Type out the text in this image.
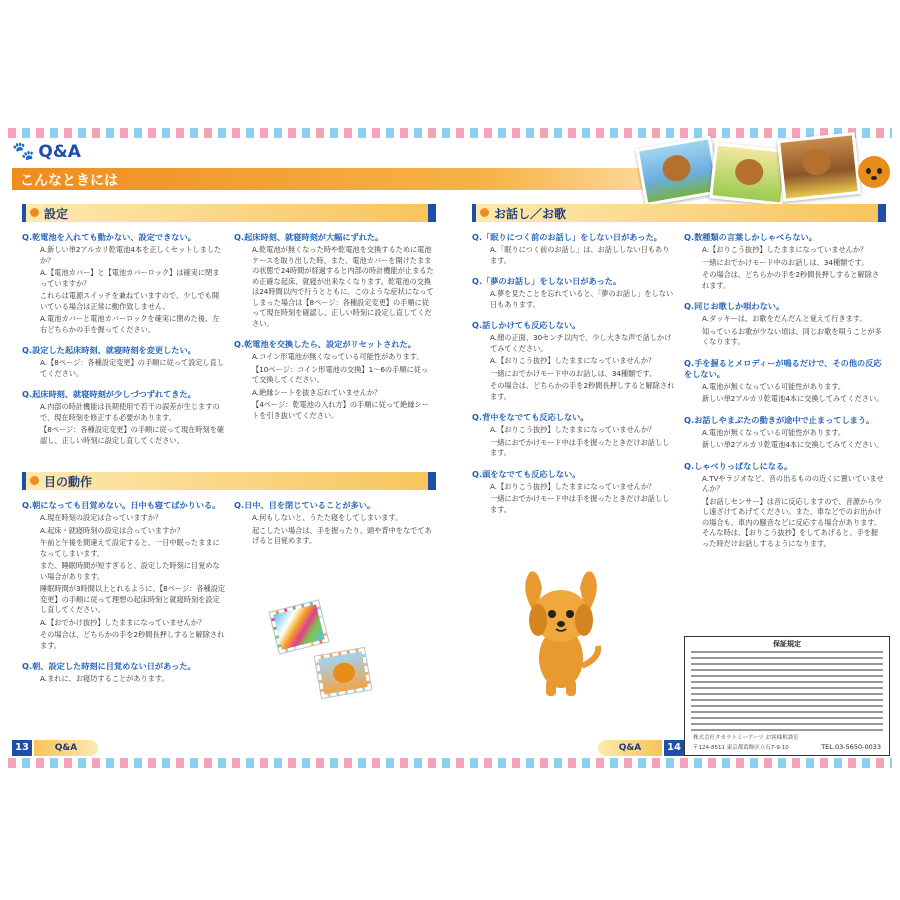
🐾 Q&A
こんなときには
設定
Q.乾電池を入れても動かない、設定できない。
A.新しい単2アルカリ乾電池4本を正しくセットしましたか？
A.【電池カバー】と【電池カバーロック】は確実に閉まっていますか？
これらは電源スイッチを兼ねていますので、少しでも開いている場合は正常に動作致しません。
A.電池カバーと電池カバーロックを確実に閉めた後、左右どちらかの手を握ってください。
Q.設定した起床時刻、就寝時刻を変更したい。
A.【8ページ：各種設定変更】の手順に従って設定し直してください。
Q.起床時刻、就寝時刻が少しづつずれてきた。
A.内部の時計機能は長期使用で若干の誤差が生じますので、現在時刻を修正する必要があります。
【8ページ：各種設定変更】の手順に従って現在時刻を確認し、正しい時刻に設定し直してください。
Q.起床時刻、就寝時刻が大幅にずれた。
A.乾電池が無くなった時や乾電池を交換するために電池ケースを取り出した時、また、電池カバーを開けたままの状態で24時間が経過すると内部の時計機能が止まるため正確な起床、就寝が出来なくなります。乾電池の交換は24時間以内で行うとともに、このような症状になってしまった場合は【8ページ：各種設定変更】の手順に従って現在時刻を確認し、正しい時刻に設定し直してください。
Q.乾電池を交換したら、設定がリセットされた。
A.コイン形電池が無くなっている可能性があります。
【10ページ：コイン形電池の交換】1〜6の手順に従って交換してください。
A.絶縁シートを抜き忘れていませんか？
【4ページ：乾電池の入れ方】の手順に従って絶縁シートを引き抜いてください。
目の動作
Q.朝になっても目覚めない。日中も寝てばかりいる。
A.現在時刻の設定は合っていますか？
A.起床・就寝時刻の設定は合っていますか？
午前と午後を間違えて設定すると、一日中眠ったままになってしまいます。
また、睡眠時間が短すぎると、設定した時刻に目覚めない場合があります。
睡眠時間が3時間以上とれるように、【8ページ：各種設定変更】の手順に従って理想の起床時刻と就寝時刻を設定し直してください。
A.【おでかけ抜抄】したままになっていませんか？
その場合は、どちらかの手を2秒間長押しすると解除されます。
Q.朝、設定した時刻に目覚めない日があった。
A.まれに、お寝坊することがあります。
Q.日中、目を閉じていることが多い。
A.何もしないと、うたた寝をしてしまいます。
起こしたい場合は、手を握ったり、頭や背中をなでてあげると目覚めます。
お話し／お歌
Q.「眠りにつく前のお話し」をしない日があった。
A.「眠りにつく前のお話し」は、お話ししない日もあります。
Q.「夢のお話し」をしない日があった。
A.夢を見たことを忘れていると、「夢のお話し」をしない日もあります。
Q.話しかけても反応しない。
A.顔の正面、30センチ以内で、少し大きな声で話しかけてみてください。
A.【おりこう抜抄】したままになっていませんか？
一緒におでかけモード中のお話しは、34種類です。
その場合は、どちらかの手を2秒間長押しすると解除されます。
Q.背中をなでても反応しない。
A.【おりこう抜抄】したままになっていませんか？
一緒におでかけモード中は手を握ったときだけお話しします。
Q.頭をなでても反応しない。
A.【おりこう抜抄】したままになっていませんか？
一緒におでかけモード中は手を握ったときだけお話しします。
Q.数種類の言葉しかしゃべらない。
A.【おりこう抜抄】したままになっていませんか？
一緒におでかけモード中のお話しは、34種類です。
その場合は、どちらかの手を2秒間長押しすると解除されます。
Q.同じお歌しか唄わない。
A.ダッキーは、お歌をだんだんと覚えて行きます。
知っているお歌が少ない頃は、同じお歌を唄うことが多くなります。
Q.手を握るとメロディーが鳴るだけで、その他の反応をしない。
A.電池が無くなっている可能性があります。
新しい単2アルカリ乾電池4本に交換してみてください。
Q.お話しやまぶたの動きが途中で止まってしまう。
A.電池が無くなっている可能性があります。
新しい単2アルカリ乾電池4本に交換してみてください。
Q.しゃべりっぱなしになる。
A.TVやラジオなど、音の出るものの近くに置いていませんか？
【お話しセンサー】は音に反応しますので、音源から少し遠ざけてあげてください。また、車などでのお出かけの場合も、車内の騒音などに反応する場合があります。そんな時は、【おりこう抜抄】をしてあげると、手を握った時だけお話しするようになります。
保証規定
株式会社タカラトミーアーツ お客様相談室
〒124-8511 東京都葛飾区立石7-9-10	TEL.03-5650-0033
13	Q&A	Q&A	14
